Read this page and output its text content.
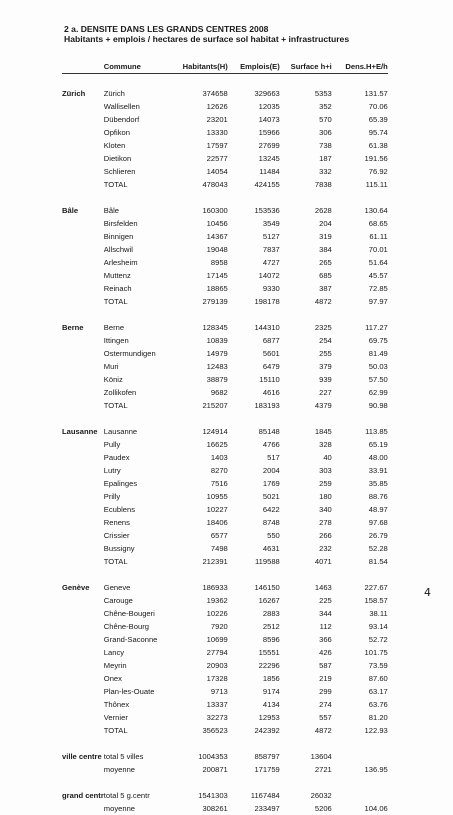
2 a. DENSITE DANS LES GRANDS CENTRES 2008
Habitants + emplois / hectares de surface sol habitat + infrastructures
	Commune	Habitants(H)	Emplois(E)	Surface h+i	Dens.H+E/h

Zürich	Zürich	374658	329663	5353	131.57
	Wallisellen	12626	12035	352	70.06
	Dübendorf	23201	14073	570	65.39
	Opfikon	13330	15966	306	95.74
	Kloten	17597	27699	738	61.38
	Dietikon	22577	13245	187	191.56
	Schlieren	14054	11484	332	76.92
	TOTAL	478043	424155	7838	115.11

Bâle	Bâle	160300	153536	2628	130.64
	Birsfelden	10456	3549	204	68.65
	Binnigen	14367	5127	319	61.11
	Allschwil	19048	7837	384	70.01
	Arlesheim	8958	4727	265	51.64
	Muttenz	17145	14072	685	45.57
	Reinach	18865	9330	387	72.85
	TOTAL	279139	198178	4872	97.97

Berne	Berne	128345	144310	2325	117.27
	Ittingen	10839	6877	254	69.75
	Ostermundigen	14979	5601	255	81.49
	Muri	12483	6479	379	50.03
	Köniz	38879	15110	939	57.50
	Zollikofen	9682	4616	227	62.99
	TOTAL	215207	183193	4379	90.98

Lausanne	Lausanne	124914	85148	1845	113.85
	Pully	16625	4766	328	65.19
	Paudex	1403	517	40	48.00
	Lutry	8270	2004	303	33.91
	Epalinges	7516	1769	259	35.85
	Prilly	10955	5021	180	88.76
	Ecublens	10227	6422	340	48.97
	Renens	18406	8748	278	97.68
	Crissier	6577	550	266	26.79
	Bussigny	7498	4631	232	52.28
	TOTAL	212391	119588	4071	81.54

Genève	Geneve	186933	146150	1463	227.67
	Carouge	19362	16267	225	158.57
	Chêne-Bougeri	10226	2883	344	38.11
	Chêne-Bourg	7920	2512	112	93.14
	Grand-Saconne	10699	8596	366	52.72
	Lancy	27794	15551	426	101.75
	Meyrin	20903	22296	587	73.59
	Onex	17328	1856	219	87.60
	Plan-les-Ouate	9713	9174	299	63.17
	Thônex	13337	4134	274	63.76
	Vernier	32273	12953	557	81.20
	TOTAL	356523	242392	4872	122.93

ville centre	total 5 villes	1004353	858797	13604	
	moyenne	200871	171759	2721	136.95

grand centr	total 5 g.centr	1541303	1167484	26032	
	moyenne	308261	233497	5206	104.06
4
